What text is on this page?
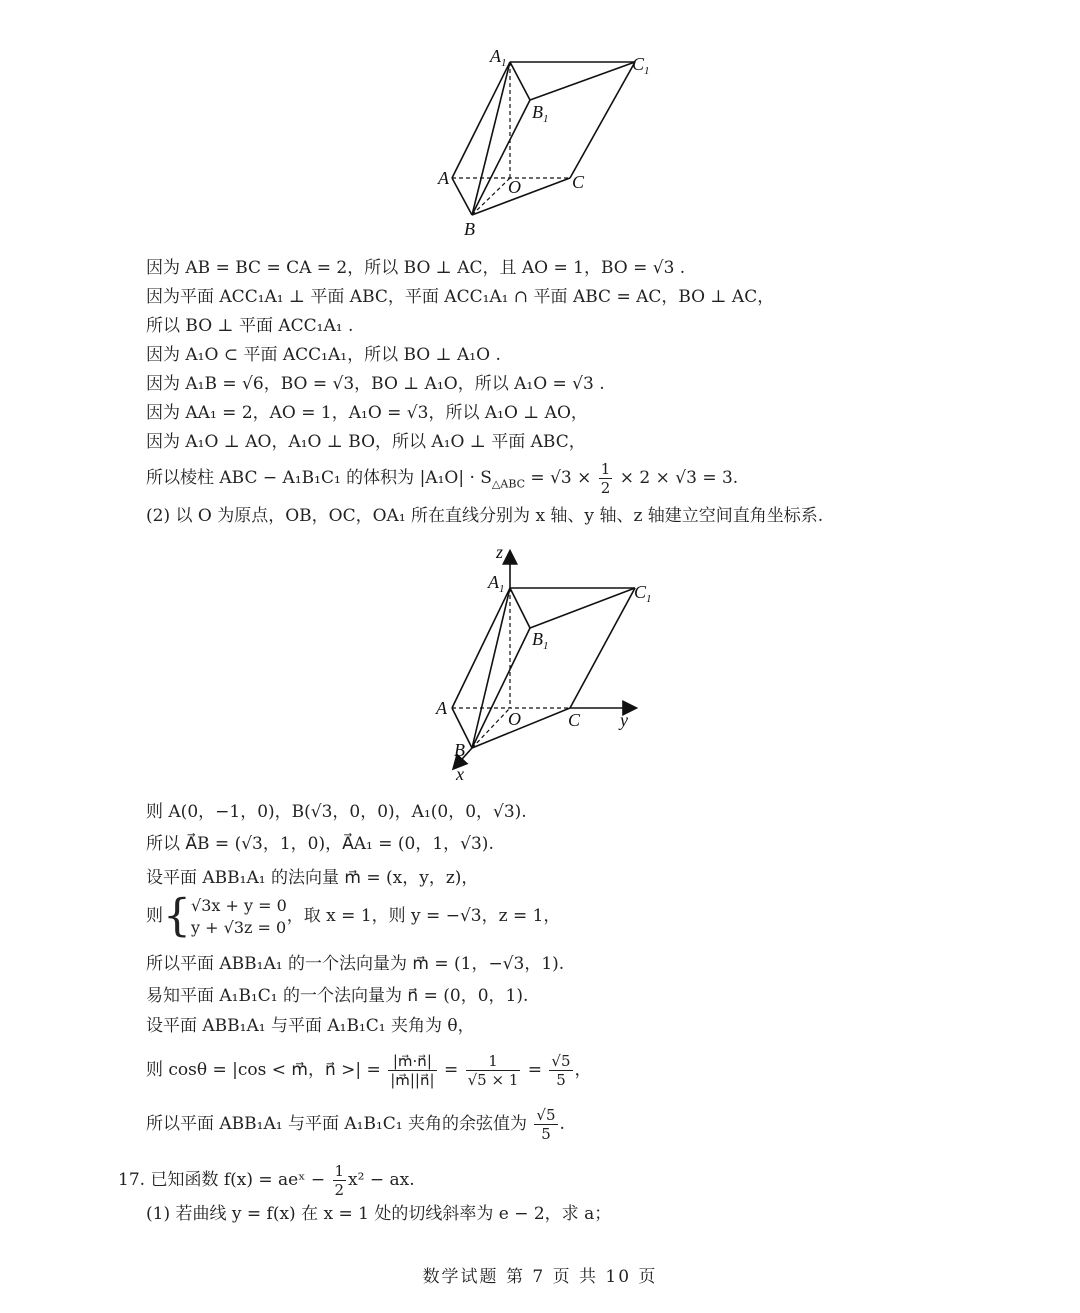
$A_1$	$C_1$
$B_1$
A	O	C
B
因为 AB = BC = CA = 2，所以 BO ⊥ AC，且 AO = 1，BO = √3 .
因为平面 ACC₁A₁ ⊥ 平面 ABC，平面 ACC₁A₁ ∩ 平面 ABC = AC，BO ⊥ AC，
所以 BO ⊥ 平面 ACC₁A₁ .
因为 A₁O ⊂ 平面 ACC₁A₁，所以 BO ⊥ A₁O .
因为 A₁B = √6，BO = √3，BO ⊥ A₁O，所以 A₁O = √3 .
因为 AA₁ = 2，AO = 1，A₁O = √3，所以 A₁O ⊥ AO，
因为 A₁O ⊥ AO，A₁O ⊥ BO，所以 A₁O ⊥ 平面 ABC，
所以棱柱 ABC − A₁B₁C₁ 的体积为 $|A_1O| \cdot S_{\triangle ABC} = √3 \times \frac{1}{2} \times 2 \times √3 = 3$.
(2) 以 O 为原点，OB，OC，OA₁ 所在直线分别为 x 轴、y 轴、z 轴建立空间直角坐标系.
z
$A_1$	$C_1$
$B_1$
A
O	C y
B
x
则 A(0，−1，0)，B(√3，0，0)，A₁(0，0，√3).
所以 A⃗B = (√3，1，0)，A⃗A₁ = (0，1，√3).
设平面 ABB₁A₁ 的法向量 m⃗ = (x，y，z)，
则{ √3x + y = 0
y + √3z = 0
，取 x = 1，则 y = −√3，z = 1，
所以平面 ABB₁A₁ 的一个法向量为 m⃗ = (1，−√3，1).
易知平面 A₁B₁C₁ 的一个法向量为 n⃗ = (0，0，1).
设平面 ABB₁A₁ 与平面 A₁B₁C₁ 夹角为 θ，
则 cosθ = |cos < m⃗，n⃗ >| = $\frac{|m⃗\cdot n⃗|}{|m⃗||n⃗|} = \frac{1}{√5 \times 1} = \frac{√5}{5}$ ，
所以平面 ABB₁A₁ 与平面 A₁B₁C₁ 夹角的余弦值为 $\frac{√5}{5}$ .
17. 已知函数 f(x) = aeˣ − $\frac{1}{2} x^2$ − ax.
(1) 若曲线 y = f(x) 在 x = 1 处的切线斜率为 e − 2，求 a；
数学试题 第 7 页 共 10 页
